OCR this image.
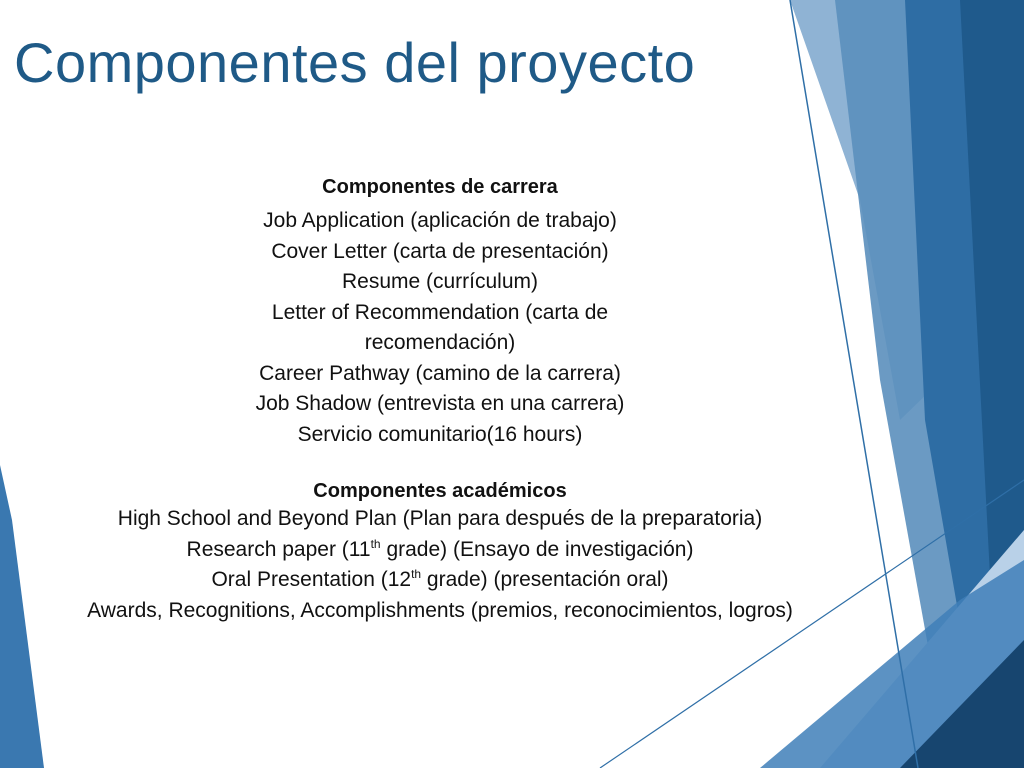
Componentes del proyecto
Componentes de carrera
Job Application (aplicación de trabajo)
Cover Letter (carta de presentación)
Resume (currículum)
Letter of Recommendation (carta de
recomendación)
Career Pathway (camino de la carrera)
Job Shadow (entrevista en una carrera)
Servicio comunitario(16 hours)
Componentes académicos
High School and Beyond Plan (Plan para después de la preparatoria)
Research paper (11th grade) (Ensayo de investigación)
Oral Presentation (12th grade) (presentación oral)
Awards, Recognitions, Accomplishments (premios, reconocimientos, logros)
